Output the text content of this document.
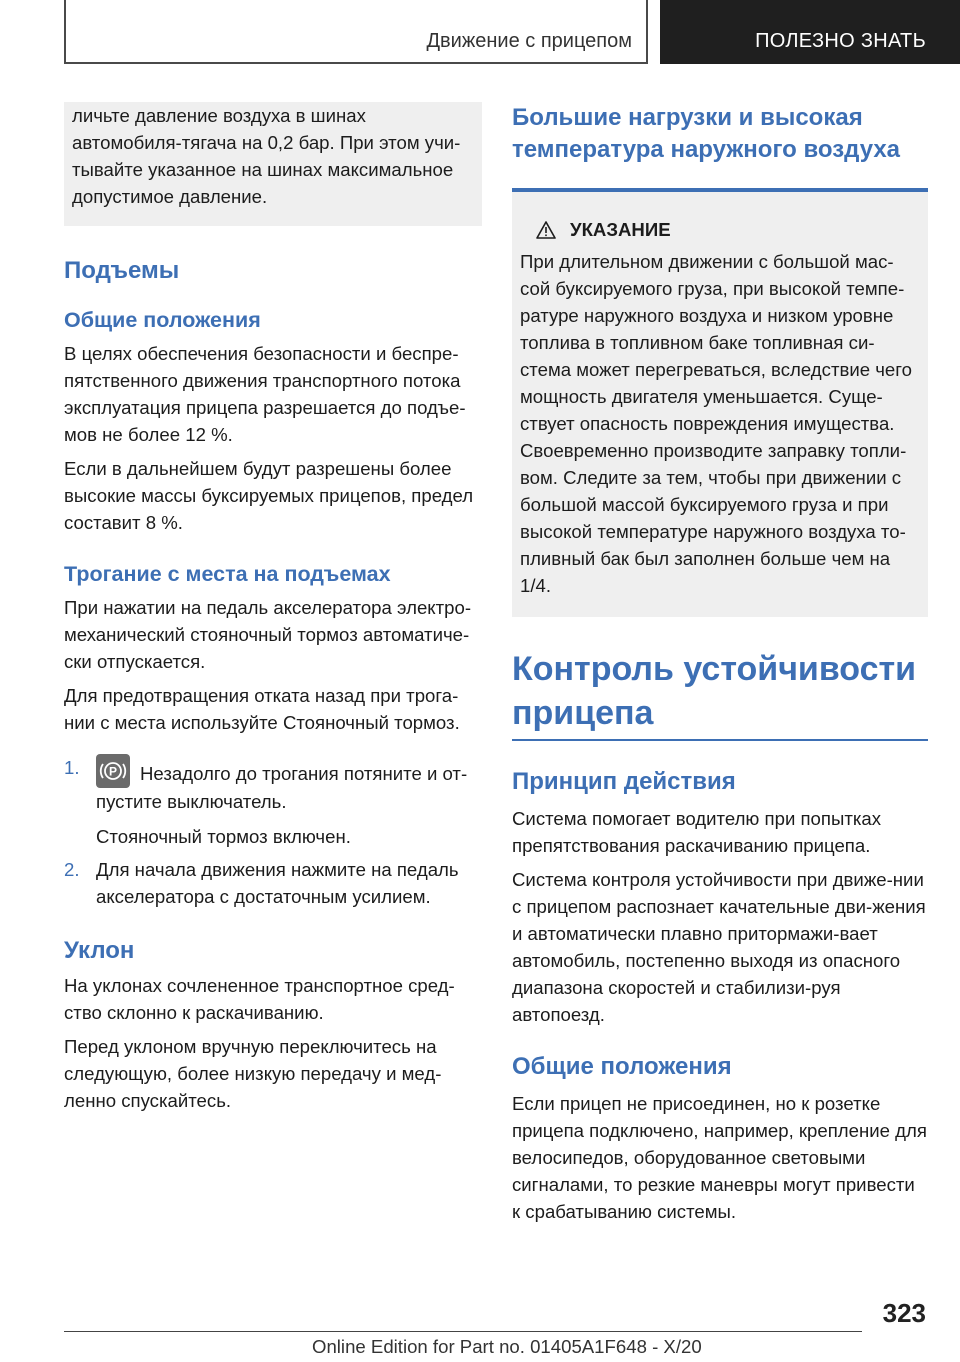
Движение с прицепом	ПОЛЕЗНО ЗНАТЬ

личьте давление воздуха в шинах автомобиля-тягача на 0,2 бар. При этом учи-тывайте указанное на шинах максимальное допустимое давление.

Подъемы
Общие положения

В целях обеспечения безопасности и беспре-пятственного движения транспортного потока эксплуатация прицепа разрешается до подъе-мов не более 12 %.

Если в дальнейшем будут разрешены более высокие массы буксируемых прицепов, предел составит 8 %.

Трогание с места на подъемах

При нажатии на педаль акселератора электро-механический стояночный тормоз автоматиче-ски отпускается.

Для предотвращения отката назад при трога-нии с места используйте Стояночный тормоз.

1.	P Незадолго до трогания потяните и от-пустите выключатель.
Стояночный тормоз включен.
2. Для начала движения нажмите на педаль акселератора с достаточным усилием.
Уклон

На уклонах сочлененное транспортное сред-ство склонно к раскачиванию.

Перед уклоном вручную переключитесь на следующую, более низкую передачу и мед-ленно спускайтесь.

Большие нагрузки и высокая температура наружного воздуха
УКАЗАНИЕ

При длительном движении с большой мас-сой буксируемого груза, при высокой темпе-ратуре наружного воздуха и низком уровне топлива в топливном баке топливная си-стема может перегреваться, вследствие чего мощность двигателя уменьшается. Суще-ствует опасность повреждения имущества. Своевременно производите заправку топли-вом. Следите за тем, чтобы при движении с большой массой буксируемого груза и при высокой температуре наружного воздуха то-пливный бак был заполнен больше чем на 1/4.

Контроль устойчивости прицепа
Принцип действия

Система помогает водителю при попытках препятствования раскачиванию прицепа.

Система контроля устойчивости при движе-нии с прицепом распознает качательные дви-жения и автоматически плавно притормажи-вает автомобиль, постепенно выходя из опасного диапазона скоростей и стабилизи-руя автопоезд.

Общие положения

Если прицеп не присоединен, но к розетке прицепа подключено, например, крепление для велосипедов, оборудованное световыми сигналами, то резкие маневры могут привести к срабатыванию системы.

323
Online Edition for Part no. 01405A1F648 - X/20
